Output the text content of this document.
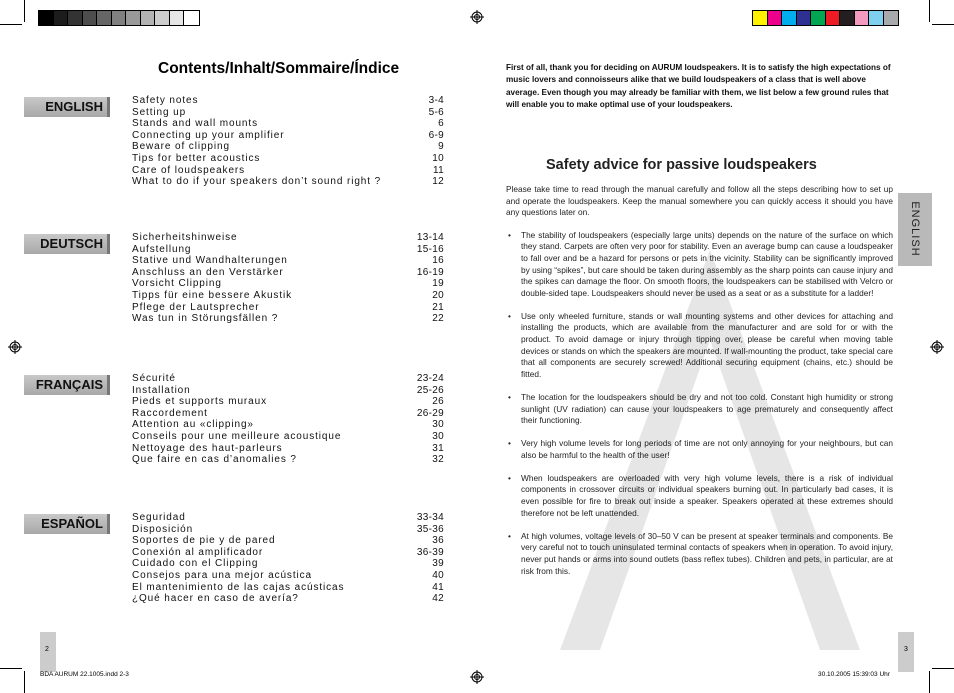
Contents/Inhalt/Sommaire/Índice
ENGLISH	Safety notes	3-4
Setting up	5-6
Stands and wall mounts	6
Connecting up your amplifier	6-9
Beware of clipping	9
Tips for better acoustics	10
Care of loudspeakers	11
What to do if your speakers don’t sound right ?	12
DEUTSCH	Sicherheitshinweise	13-14
Aufstellung	15-16
Stative und Wandhalterungen	16
Anschluss an den Verstärker	16-19
Vorsicht Clipping	19
Tipps für eine bessere Akustik	20
Pflege der Lautsprecher	21
Was tun in Störungsfällen ?	22
FRANÇAIS	Sécurité	23-24
Installation	25-26
Pieds et supports muraux	26
Raccordement	26-29
Attention au «clipping»	30
Conseils pour une meilleure acoustique	30
Nettoyage des haut-parleurs	31
Que faire en cas d’anomalies ?	32
ESPAÑOL	Seguridad	33-34
Disposición	35-36
Soportes de pie y de pared	36
Conexión al amplificador	36-39
Cuidado con el Clipping	39
Consejos para una mejor acústica	40
El mantenimiento de las cajas acústicas	41
¿Qué hacer en caso de avería?	42
2
BDA AURUM 22.1005.indd 2-3
First of all, thank you for deciding on AURUM loudspeakers. It is to satisfy the high expectations of music lovers and connoisseurs alike that we build loudspeakers of a class that is well above average. Even though you may already be familiar with them, we list below a few ground rules that will enable you to make optimal use of your loudspeakers.
Safety advice for passive loudspeakers

Please take time to read through the manual carefully and follow all the steps describing how to set up and operate the loudspeakers. Keep the manual somewhere you can quickly access it should you have any questions later on.

• The stability of loudspeakers (especially large units) depends on the nature of the surface on which they stand. Carpets are often very poor for stability. Even an average bump can cause a loudspeaker to fall over and be a hazard for persons or pets in the vicinity. Stability can be significantly improved by using “spikes”, but care should be taken during assembly as the sharp points can cause injury and the spikes can damage the floor. On smooth floors, the loudspeakers can be stabilised with Velcro or double-sided tape. Loudspeakers should never be used as a seat or as a substitute for a ladder!
• Use only wheeled furniture, stands or wall mounting systems and other devices for attaching and installing the products, which are available from the manufacturer and are sold for or with the product. To avoid damage or injury through tipping over, please be careful when moving table devices or stands on which the speakers are mounted. If wall-mounting the product, take special care that all components are securely screwed! Additional securing equipment (chains, etc.) should be fitted.
• The location for the loudspeakers should be dry and not too cold. Constant high humidity or strong sunlight (UV radiation) can cause your loudspeakers to age prematurely and consequently affect their functioning.
• Very high volume levels for long periods of time are not only annoying for your neighbours, but can also be harmful to the health of the user!
• When loudspeakers are overloaded with very high volume levels, there is a risk of individual components in crossover circuits or individual speakers burning out. In particularly bad cases, it is even possible for fire to break out inside a speaker. Speakers operated at these extremes should therefore not be left unattended.
• At high volumes, voltage levels of 30–50 V can be present at speaker terminals and components. Be very careful not to touch uninsulated terminal contacts of speakers when in operation. To avoid injury, never put hands or arms into sound outlets (bass reflex tubes). Children and pets, in particular, are at risk from this.
ENGLISH
3
30.10.2005 15:39:03 Uhr
